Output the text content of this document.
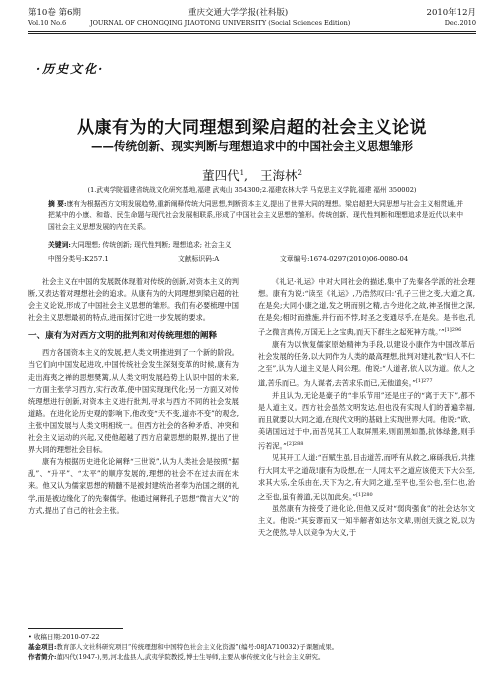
第10卷 第6期	重庆交通大学学报(社科版)	2010年12月
Vol.10 No.6	JOURNAL OF CHONGQING JIAOTONG UNIVERSITY (Social Sciences Edition)	Dec.2010
·历史文化·
从康有为的大同理想到梁启超的社会主义论说
——传统创新、现实判断与理想追求中的中国社会主义思想雏形
董四代$^1$,   王海林$^2$
(1.武夷学院福建省统战文化研究基地,福建 武夷山 354300;2.福建农林大学 马克思主义学院,福建 福州 350002)
摘 要:康有为根据西方文明发展趋势,重新阐释传统大同思想,判断资本主义,提出了世界大同的理想。梁启超把大同思想与社会主义相贯通,并把某中的小康、和谐、民生命题与现代社会发展相联系,形成了中国社会主义思想的雏形。传统创新、现代性判断和理想追求是近代以来中国社会主义思想发展的内在关系。
关键词:大同理想; 传统创新; 现代性判断; 理想追求; 社会主义
中图分类号:K257.1	文献标识码:A	文章编号:1674-0297(2010)06-0080-04

社会主义在中国的发展既体现着对传统的创新,对资本主义的判断,又表达着对理想社会的追求。从康有为的大同理想到梁启超的社会主义论说,形成了中国社会主义思想的雏形。我们有必要梳理中国社会主义思想最初的特点,进而探讨它进一步发展的要求。

一、康有为对西方文明的批判和对传统理想的阐释

西方各国资本主义的发展,把人类文明推进到了一个新的阶段。当它们向中国发起进攻,中国传统社会发生深刻变革的时候,康有为走出海夷之禅的思想樊篱,从人类文明发展趋势上认识中国的未来,一方面主张学习西方,实行改革,使中国实现现代化;另一方面又对传统理想进行创新,对资本主义进行批判,寻求与西方不同的社会发展道路。在进化论历史观的影响下,他改变“天不变,道亦不变”的观念,主张中国发展与人类文明相统一。但西方社会的各种矛盾、冲突和社会主义运动的兴起,又使他超越了西方启蒙思想的限界,提出了世界大同的理想社会目标。

康有为根据历史进化论阐释“三世说”,认为人类社会是按照“据乱”、“升平”、“太平”的顺序发展的,理想的社会不在过去而在未来。他又认为儒家思想的精髓不是被封建统治者奉为治国之纲的礼学,而是被边缘化了的先秦儒学。他通过阐释孔子思想“微言大义”的方式,提出了自己的社会主张。

《礼记·礼运》中对大同社会的描述,集中了先秦各学派的社会理想。康有为说:“读至《礼运》,乃浩然叹曰:‘孔子三世之变,大道之真,在是矣;大同小康之道,发之明而别之精,古今进化之故,神圣悯世之深,在是矣;相时而推施,并行而不悖,时圣之变通尽乎,在是矣。是书也,孔子之微言真传,万国无上之宝典,而天下群生之起死神方哉。’”$^{[1]296}$

康有为以恢复儒家原始精神为手段,以建设小康作为中国改革后社会发展的任务,以大同作为人类的最高理想,批判对建礼教“妇人不仁之至”,认为人道主义是人间公理。他说:“人道者,依人以为道。依人之道,苦乐而已。为人谋者,去苦求乐而已,无他道矣。”$^{[1]277}$

并且认为,无论是豪子的“非乐节用”还是庄子的“离于天下”,都不是人道主义。西方社会虽然文明发达,但也没有实现人们的普遍幸福,而且就要以大同之道,在现代文明的基础上实现世界大同。他说:“欧、美诸国远过于中,而吾见其工人取屏黑来,则面黑如墨,抗体绿惫,则手污若泥。”$^{[2]288}$

见其开工人道:“百赋生虽,目击道苦,而呼有从救之,麻砾我后,共推行大同太平之道哉!康有为设想,在一人同太平之道应该使天下大公至,求其大乐,全乐由在,天下为之,有大同之道,至平也,至公也,至仁也,治之至也,虽有善道,无以加此矣。”$^{[1]280}$

虽然康有为接受了进化论,但他又反对“弱肉强食”的社会达尔文主义。他说:“其妄谬而又一知半解者如达尔文辈,则创天演之说,以为天之使然,导人以竞争为大义,于

• 收稿日期:2010-07-22
基金项目:教育部人文社科研究项目“传统理想和中国特色社会主义化资源”(编号:08JA710032)子课题成果。
作者简介:董四代(1947-),男,河北盐县人,武夷学院教授,博士生导师,主要从事传统文化与社会主义研究。
